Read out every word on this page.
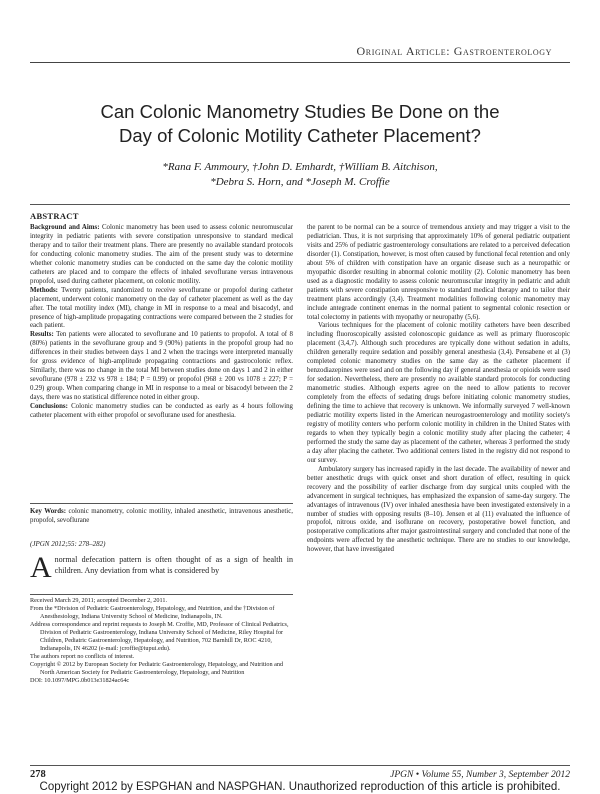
Original Article: Gastroenterology
Can Colonic Manometry Studies Be Done on the
Day of Colonic Motility Catheter Placement?
*Rana F. Ammoury, †John D. Emhardt, †William B. Aitchison,
*Debra S. Horn, and *Joseph M. Croffie
ABSTRACT

Background and Aims: Colonic manometry has been used to assess colonic neuromuscular integrity in pediatric patients with severe constipation unresponsive to standard medical therapy and to tailor their treatment plans. There are presently no available standard protocols for conducting colonic manometry studies. The aim of the present study was to determine whether colonic manometry studies can be conducted on the same day the colonic motility catheters are placed and to compare the effects of inhaled sevoflurane versus intravenous propofol, used during catheter placement, on colonic motility.

Methods: Twenty patients, randomized to receive sevoflurane or propofol during catheter placement, underwent colonic manometry on the day of catheter placement as well as the day after. The total motility index (MI), change in MI in response to a meal and bisacodyl, and presence of high-amplitude propagating contractions were compared between the 2 studies for each patient.

Results: Ten patients were allocated to sevoflurane and 10 patients to propofol. A total of 8 (80%) patients in the sevoflurane group and 9 (90%) patients in the propofol group had no differences in their studies between days 1 and 2 when the tracings were interpreted manually for gross evidence of high-amplitude propagating contractions and gastrocolonic reflex. Similarly, there was no change in the total MI between studies done on days 1 and 2 in either sevoflurane (978 ± 232 vs 978 ± 184; P = 0.99) or propofol (968 ± 200 vs 1078 ± 227; P = 0.29) group. When comparing change in MI in response to a meal or bisacodyl between the 2 days, there was no statistical difference noted in either group.

Conclusions: Colonic manometry studies can be conducted as early as 4 hours following catheter placement with either propofol or sevoflurane used for anesthesia.

Key Words: colonic manometry, colonic motility, inhaled anesthetic, intravenous anesthetic, propofol, sevoflurane
(JPGN 2012;55: 278–282)
Anormal defecation pattern is often thought of as a sign of health in children. Any deviation from what is considered by

Received March 29, 2011; accepted December 2, 2011.

From the *Division of Pediatric Gastroenterology, Hepatology, and Nutrition, and the †Division of Anesthesiology, Indiana University School of Medicine, Indianapolis, IN.

Address correspondence and reprint requests to Joseph M. Croffie, MD, Professor of Clinical Pediatrics, Division of Pediatric Gastroenterology, Indiana University School of Medicine, Riley Hospital for Children, Pediatric Gastroenterology, Hepatology, and Nutrition, 702 Barnhill Dr, ROC 4210, Indianapolis, IN 46202 (e-mail: jcroffie@iupui.edu).

The authors report no conflicts of interest.

Copyright © 2012 by European Society for Pediatric Gastroenterology, Hepatology, and Nutrition and North American Society for Pediatric Gastroenterology, Hepatology, and Nutrition

DOI: 10.1097/MPG.0b013e31824ac64c

the parent to be normal can be a source of tremendous anxiety and may trigger a visit to the pediatrician. Thus, it is not surprising that approximately 10% of general pediatric outpatient visits and 25% of pediatric gastroenterology consultations are related to a perceived defecation disorder (1). Constipation, however, is most often caused by functional fecal retention and only about 5% of children with constipation have an organic disease such as a neuropathic or myopathic disorder resulting in abnormal colonic motility (2). Colonic manometry has been used as a diagnostic modality to assess colonic neuromuscular integrity in pediatric and adult patients with severe constipation unresponsive to standard medical therapy and to tailor their treatment plans accordingly (3,4). Treatment modalities following colonic manometry may include antegrade continent enemas in the normal patient to segmental colonic resection or total colectomy in patients with myopathy or neuropathy (5,6).

Various techniques for the placement of colonic motility catheters have been described including fluoroscopically assisted colonoscopic guidance as well as primary fluoroscopic placement (3,4,7). Although such procedures are typically done without sedation in adults, children generally require sedation and possibly general anesthesia (3,4). Pensabene et al (3) completed colonic manometry studies on the same day as the catheter placement if benzodiazepines were used and on the following day if general anesthesia or opioids were used for sedation. Nevertheless, there are presently no available standard protocols for conducting manometric studies. Although experts agree on the need to allow patients to recover completely from the effects of sedating drugs before initiating colonic manometry studies, defining the time to achieve that recovery is unknown. We informally surveyed 7 well-known pediatric motility experts listed in the American neurogastroenterology and motility society's registry of motility centers who perform colonic motility in children in the United States with regards to when they typically begin a colonic motility study after placing the catheter; 4 performed the study the same day as placement of the catheter, whereas 3 performed the study a day after placing the catheter. Two additional centers listed in the registry did not respond to our survey.

Ambulatory surgery has increased rapidly in the last decade. The availability of newer and better anesthetic drugs with quick onset and short duration of effect, resulting in quick recovery and the possibility of earlier discharge from day surgical units coupled with the advancement in surgical techniques, has emphasized the expansion of same-day surgery. The advantages of intravenous (IV) over inhaled anesthesia have been investigated extensively in a number of studies with opposing results (8–10). Jensen et al (11) evaluated the influence of propofol, nitrous oxide, and isoflurane on recovery, postoperative bowel function, and postoperative complications after major gastrointestinal surgery and concluded that none of the endpoints were affected by the anesthetic technique. There are no studies to our knowledge, however, that have investigated

278	JPGN • Volume 55, Number 3, September 2012
Copyright 2012 by ESPGHAN and NASPGHAN. Unauthorized reproduction of this article is prohibited.
